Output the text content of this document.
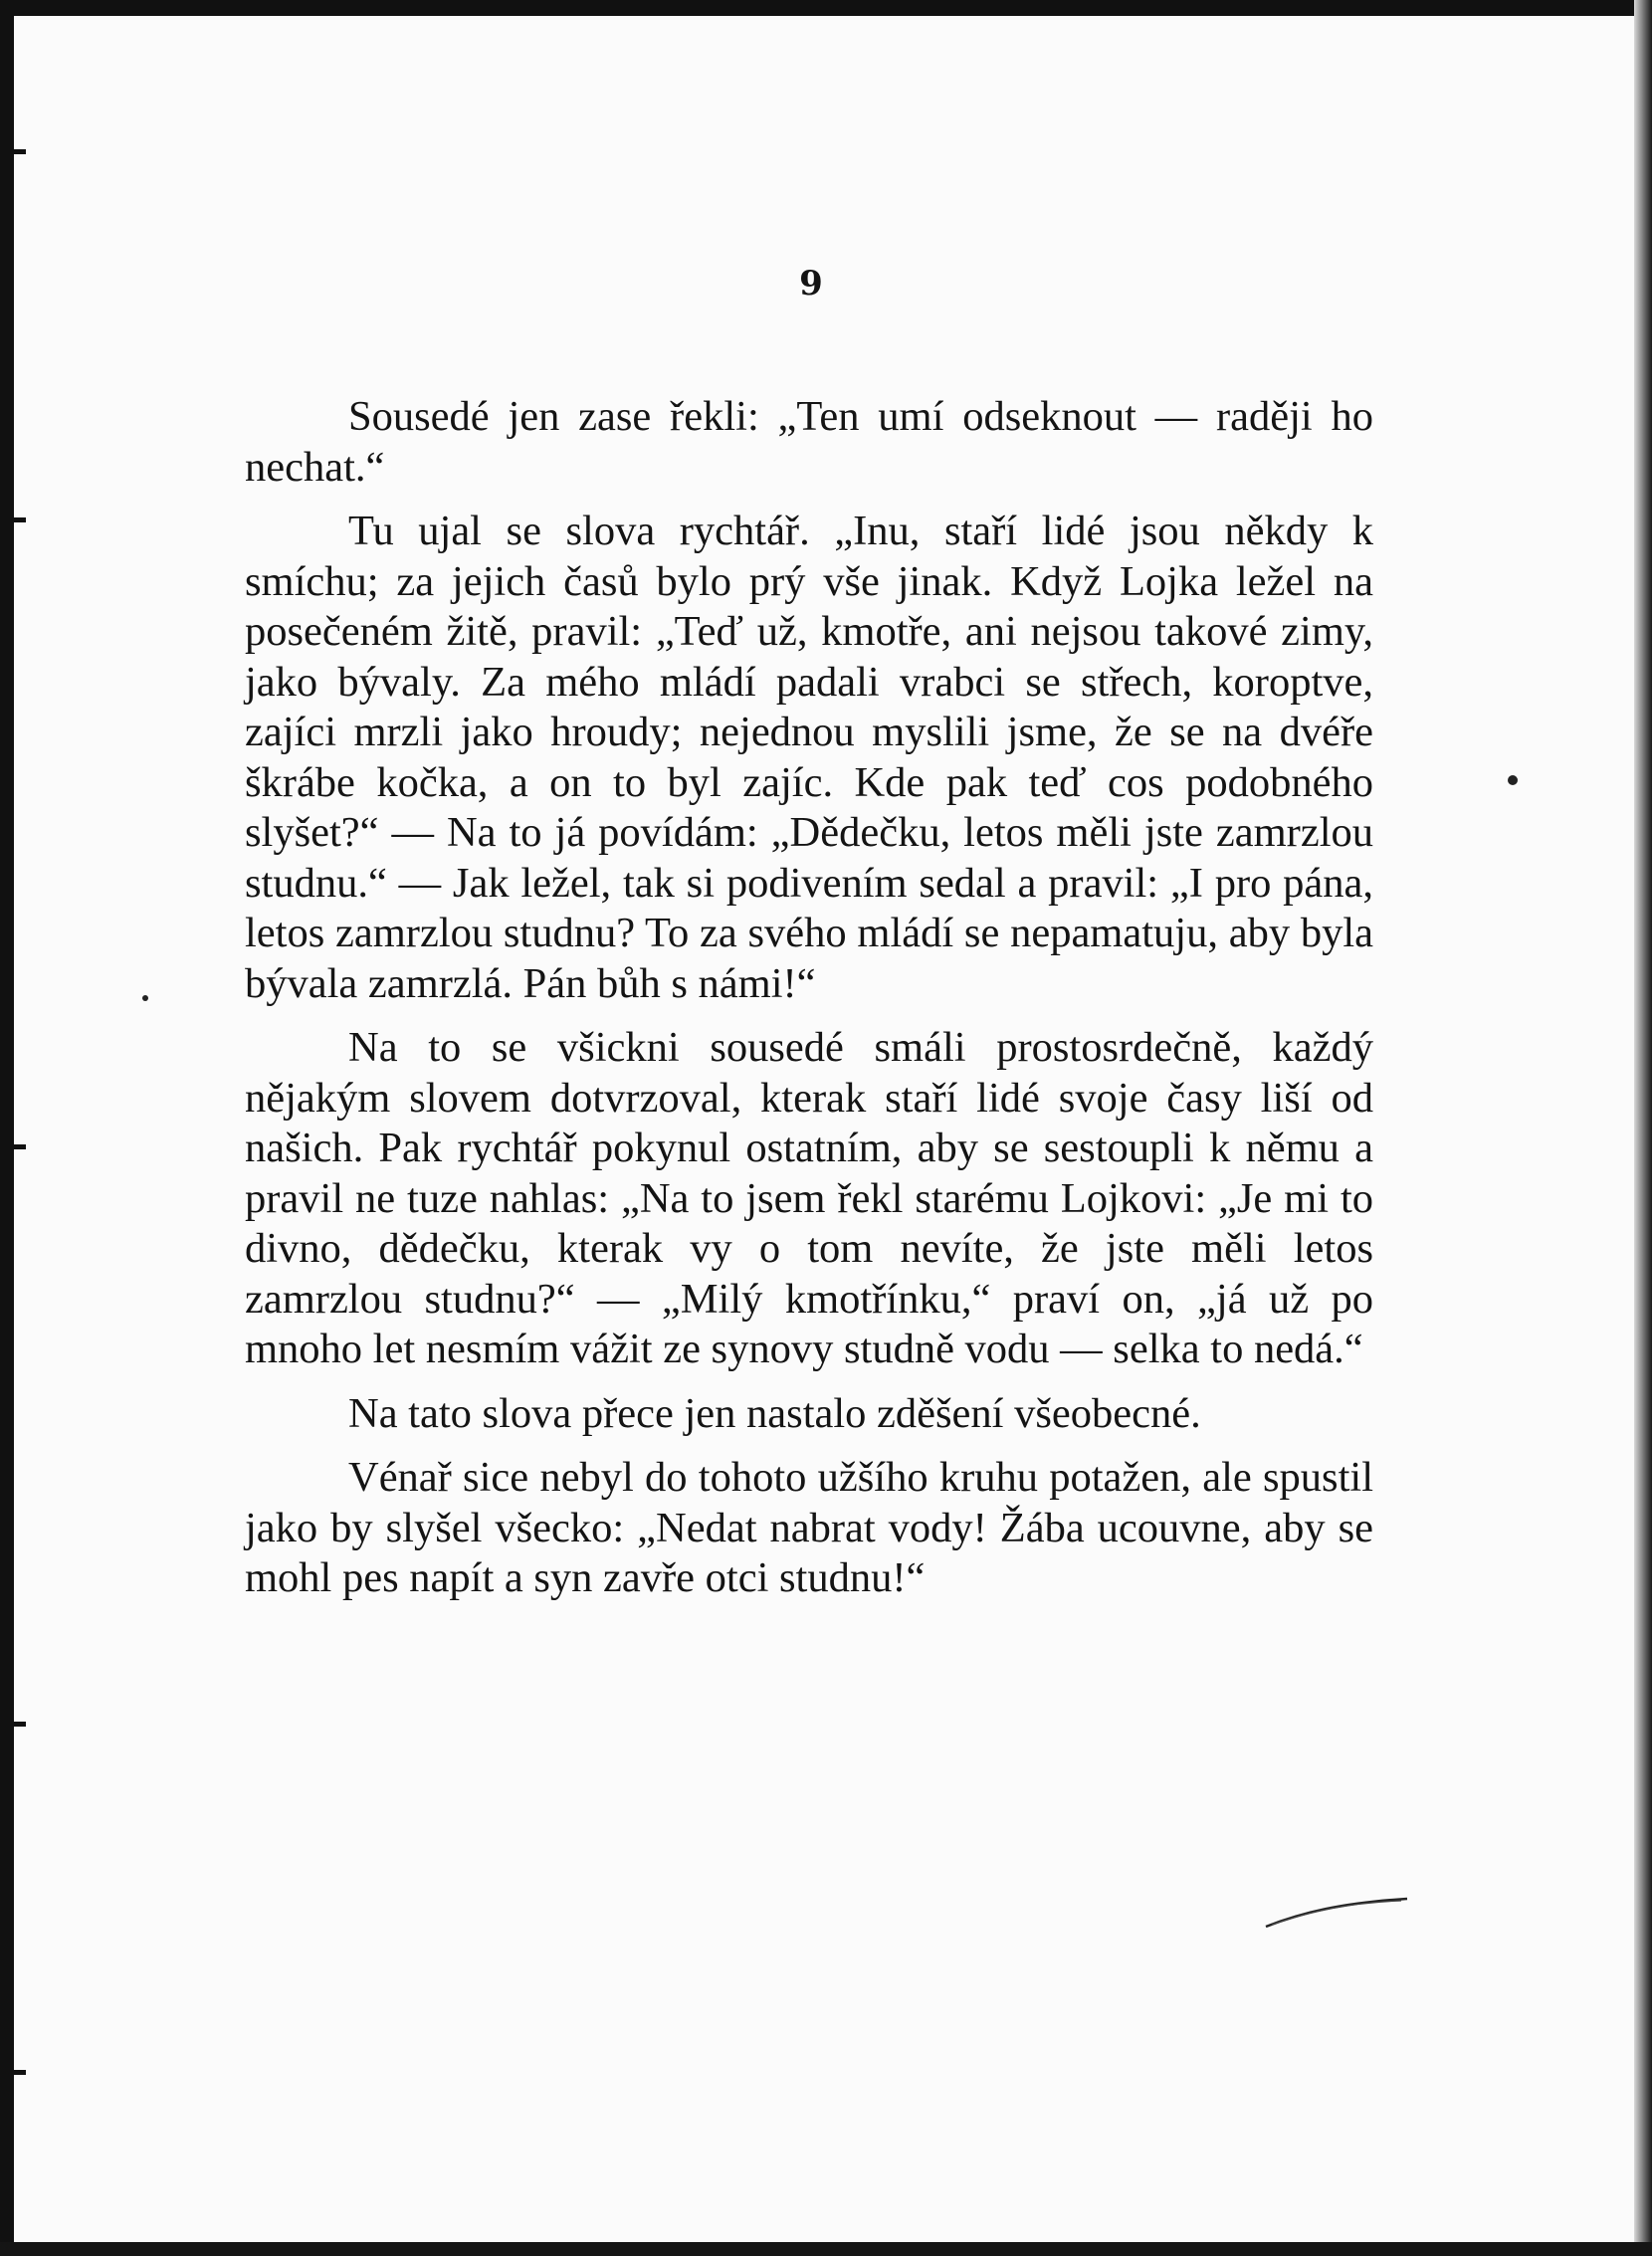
9

Sousedé jen zase řekli: „Ten umí odseknout — raději ho nechat.“

Tu ujal se slova rychtář. „Inu, staří lidé jsou někdy k smíchu; za jejich časů bylo prý vše jinak. Když Lojka ležel na posečeném žitě, pravil: „Teď už, kmotře, ani nejsou takové zimy, jako bývaly. Za mého mládí padali vrabci se střech, koroptve, zajíci mrzli jako hroudy; nejednou myslili jsme, že se na dvéře škrábe kočka, a on to byl zajíc. Kde pak teď cos podobného slyšet?“ — Na to já povídám: „Dědečku, letos měli jste zamrzlou studnu.“ — Jak ležel, tak si podivením sedal a pravil: „I pro pána, letos zamrzlou studnu? To za svého mládí se nepamatuju, aby byla bývala zamrzlá. Pán bůh s námi!“

Na to se všickni sousedé smáli prostosrdečně, každý nějakým slovem dotvrzoval, kterak staří lidé svoje časy liší od našich. Pak rychtář pokynul ostatním, aby se sestoupli k němu a pravil ne tuze nahlas: „Na to jsem řekl starému Lojkovi: „Je mi to divno, dědečku, kterak vy o tom nevíte, že jste měli letos zamrzlou studnu?“ — „Milý kmotřínku,“ praví on, „já už po mnoho let nesmím vážit ze synovy studně vodu — selka to nedá.“

Na tato slova přece jen nastalo zděšení všeobecné.

Vénař sice nebyl do tohoto užšího kruhu potažen, ale spustil jako by slyšel všecko: „Nedat nabrat vody! Žába ucouvne, aby se mohl pes napít a syn zavře otci studnu!“
